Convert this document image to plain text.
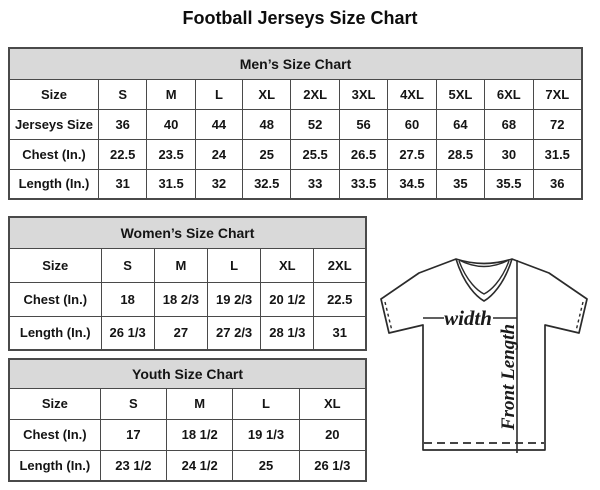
Football Jerseys Size Chart
Men’s Size Chart										
Size	S	M	L	XL	2XL	3XL	4XL	5XL	6XL	7XL
Jerseys Size	36	40	44	48	52	56	60	64	68	72
Chest (In.)	22.5	23.5	24	25	25.5	26.5	27.5	28.5	30	31.5
Length (In.)	31	31.5	32	32.5	33	33.5	34.5	35	35.5	36
Women’s Size Chart					
Size	S	M	L	XL	2XL
Chest (In.)	18	18 2/3	19 2/3	20 1/2	22.5
Length (In.)	26 1/3	27	27 2/3	28 1/3	31
Youth Size Chart				
Size	S	M	L	XL
Chest (In.)	17	18 1/2	19 1/3	20
Length (In.)	23 1/2	24 1/2	25	26 1/3
width
Front Length
